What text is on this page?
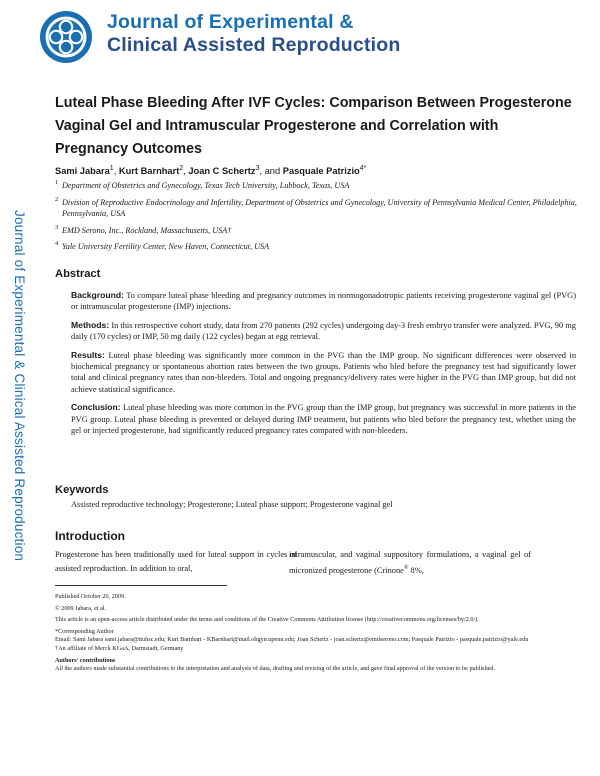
Journal of Experimental &
Clinical Assisted Reproduction
Journal of Experimental & Clinical Assisted Reproduction
Luteal Phase Bleeding After IVF Cycles: Comparison Between Progesterone Vaginal Gel and Intramuscular Progesterone and Correlation with Pregnancy Outcomes
Sami Jabara$^1$, Kurt Barnhart$^2$, Joan C Schertz$^3$, and Pasquale Patrizio$^{4*}$
1 Department of Obstetrics and Gynecology, Texas Tech University, Lubbock, Texas, USA
2 Division of Reproductive Endocrinology and Infertility, Department of Obstetrics and Gynecology, University of Pennsylvania Medical Center, Philadelphia, Pennsylvania, USA
3 EMD Serono, Inc., Rockland, Massachusetts, USA†
4 Yale University Fertility Center, New Haven, Connecticut, USA
Abstract

Background: To compare luteal phase bleeding and pregnancy outcomes in normogonadotropic patients receiving progesterone vaginal gel (PVG) or intramuscular progesterone (IMP) injections.

Methods: In this retrospective cohort study, data from 270 patients (292 cycles) undergoing day-3 fresh embryo transfer were analyzed. PVG, 90 mg daily (170 cycles) or IMP, 50 mg daily (122 cycles) began at egg retrieval.

Results: Luteal phase bleeding was significantly more common in the PVG than the IMP group. No significant differences were observed in biochemical pregnancy or spontaneous abortion rates between the two groups. Patients who bled before the pregnancy test had significantly lower total and clinical pregnancy rates than non-bleeders. Total and ongoing pregnancy/delivery rates were higher in the PVG than IMP group, but did not achieve statistical significance.

Conclusion: Luteal phase bleeding was more common in the PVG group than the IMP group, but pregnancy was successful in more patients in the PVG group. Luteal phase bleeding is prevented or delayed during IMP treatment, but patients who bled before the pregnancy test, whether using the gel or injected progesterone, had significantly reduced pregnancy rates compared with non-bleeders.

Keywords
Assisted reproductive technology; Progesterone; Luteal phase support; Progesterone vaginal gel
Introduction
Progesterone has been traditionally used for luteal support in cycles of assisted reproduction. In addition to oral,
intramuscular, and vaginal suppository formulations, a vaginal gel of micronized progesterone (Crinone® 8%,

Published October 20, 2009.

© 2009 Jabara, et al.

This article is an open-access article distributed under the terms and conditions of the Creative Commons Attribution license (http://creativecommons.org/licenses/by/2.0/).

*Corresponding Author

Email: Sami Jabara sami.jabara@ttuhsc.edu; Kurt Barnhart - KBarnhart@mail.obgyn.upenn.edu; Joan Schertz - joan.schertz@emdserono.com; Pasquale Patrizio - pasquale.patrizio@yale.edu

†An affiliate of Merck KGaA, Darmstadt, Germany

Authors' contributions

All the authors made substantial contributions to the interpretation and analysis of data, drafting and revising of the article, and gave final approval of the version to be published.
